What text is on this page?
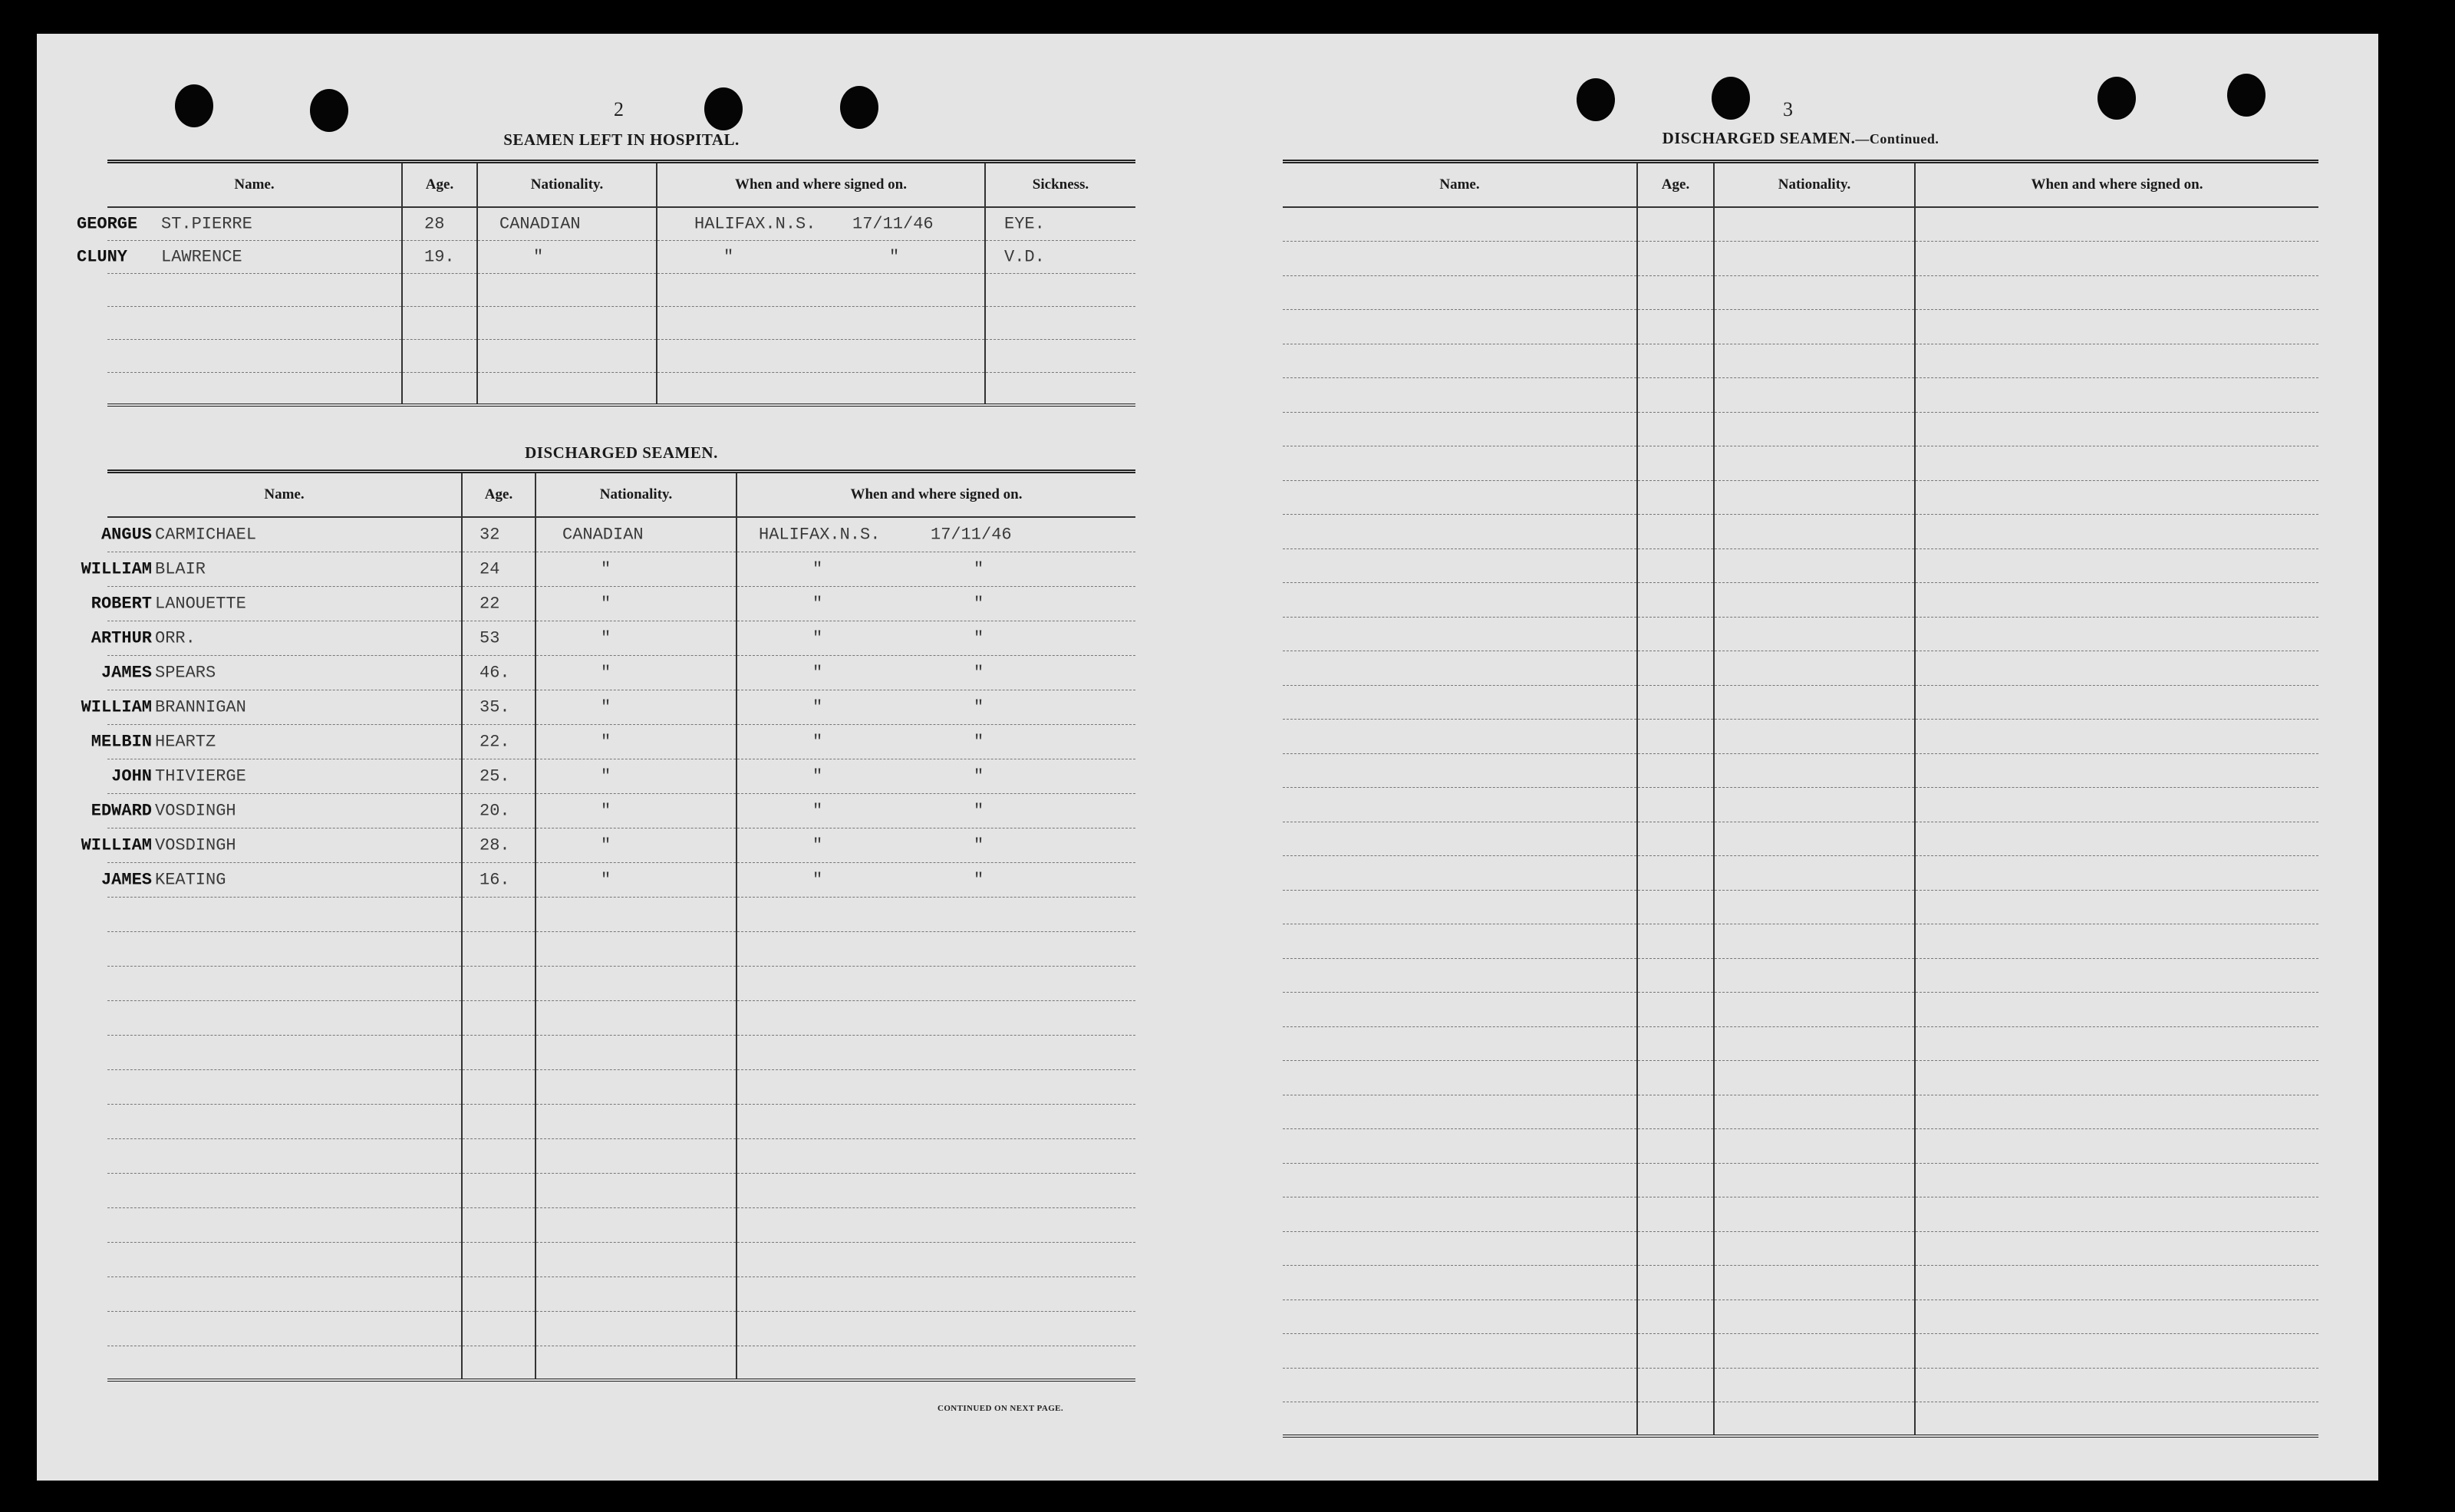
2
SEAMEN LEFT IN HOSPITAL.
Name.	Age.	Nationality.	When and where signed on.	Sickness.

GEORGE ST.PIERRE	28	CANADIAN	HALIFAX.N.S. 17/11/46	EYE.

CLUNY LAWRENCE	19.	"	" "	V.D.

DISCHARGED SEAMEN.
Name.	Age.	Nationality.	When and where signed on.

ANGUS CARMICHAEL	32	CANADIAN	HALIFAX.N.S. 17/11/46

WILLIAM BLAIR	24	"	" "

ROBERT LANOUETTE	22	"	" "

ARTHUR ORR.	53	"	" "

JAMES SPEARS	46.	"	" "

WILLIAM BRANNIGAN	35.	"	" "

MELBIN HEARTZ	22.	"	" "

JOHN THIVIERGE	25.	"	" "

EDWARD VOSDINGH	20.	"	" "

WILLIAM VOSDINGH	28.	"	" "

JAMES KEATING	16.	"	" "

CONTINUED ON NEXT PAGE.
3
DISCHARGED SEAMEN.—Continued.
Name.	Age.	Nationality.	When and where signed on.
